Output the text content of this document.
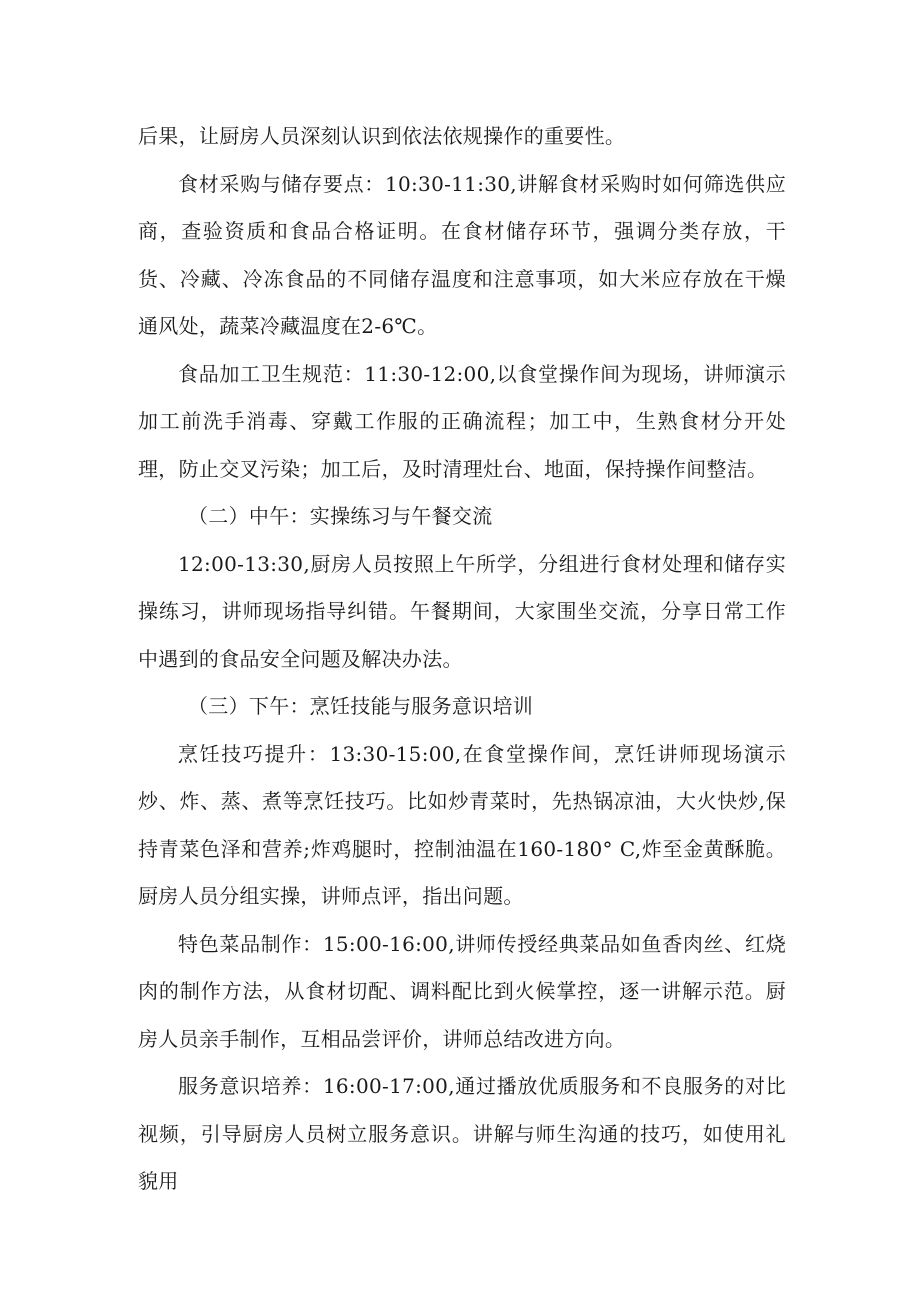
后果，让厨房人员深刻认识到依法依规操作的重要性。

食材采购与储存要点：10:30-11:30,讲解食材采购时如何筛选供应商，查验资质和食品合格证明。在食材储存环节，强调分类存放，干货、冷藏、冷冻食品的不同储存温度和注意事项，如大米应存放在干燥通风处，蔬菜冷藏温度在2-6℃。

食品加工卫生规范：11:30-12:00,以食堂操作间为现场，讲师演示加工前洗手消毒、穿戴工作服的正确流程；加工中，生熟食材分开处理，防止交叉污染；加工后，及时清理灶台、地面，保持操作间整洁。

（二）中午：实操练习与午餐交流

12:00-13:30,厨房人员按照上午所学，分组进行食材处理和储存实操练习，讲师现场指导纠错。午餐期间，大家围坐交流，分享日常工作中遇到的食品安全问题及解决办法。

（三）下午：烹饪技能与服务意识培训

烹饪技巧提升：13:30-15:00,在食堂操作间，烹饪讲师现场演示炒、炸、蒸、煮等烹饪技巧。比如炒青菜时，先热锅凉油，大火快炒,保持青菜色泽和营养;炸鸡腿时，控制油温在160-180° C,炸至金黄酥脆。厨房人员分组实操，讲师点评，指出问题。

特色菜品制作：15:00-16:00,讲师传授经典菜品如鱼香肉丝、红烧肉的制作方法，从食材切配、调料配比到火候掌控，逐一讲解示范。厨房人员亲手制作，互相品尝评价，讲师总结改进方向。

服务意识培养：16:00-17:00,通过播放优质服务和不良服务的对比视频，引导厨房人员树立服务意识。讲解与师生沟通的技巧，如使用礼貌用
